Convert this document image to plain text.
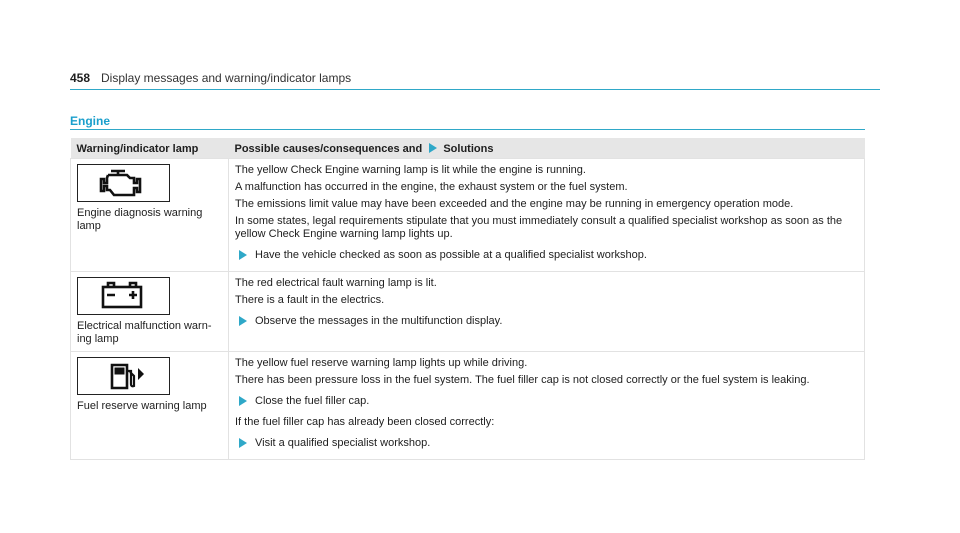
458 Display messages and warning/indicator lamps
Engine
Warning/indicator lamp	Possible causes/consequences and Solutions

Engine diagnosis warning lamp	The yellow Check Engine warning lamp is lit while the engine is running.

A malfunction has occurred in the engine, the exhaust system or the fuel system.

The emissions limit value may have been exceeded and the engine may be running in emergency operation mode.

In some states, legal requirements stipulate that you must immediately consult a qualified specialist workshop as soon as the yellow Check Engine warning lamp lights up.

Have the vehicle checked as soon as possible at a qualified specialist workshop.

Electrical malfunction warn-ing lamp	The red electrical fault warning lamp is lit.

There is a fault in the electrics.

Observe the messages in the multifunction display.

Fuel reserve warning lamp	The yellow fuel reserve warning lamp lights up while driving.

There has been pressure loss in the fuel system. The fuel filler cap is not closed correctly or the fuel system is leaking.

Close the fuel filler cap.

If the fuel filler cap has already been closed correctly:

Visit a qualified specialist workshop.
